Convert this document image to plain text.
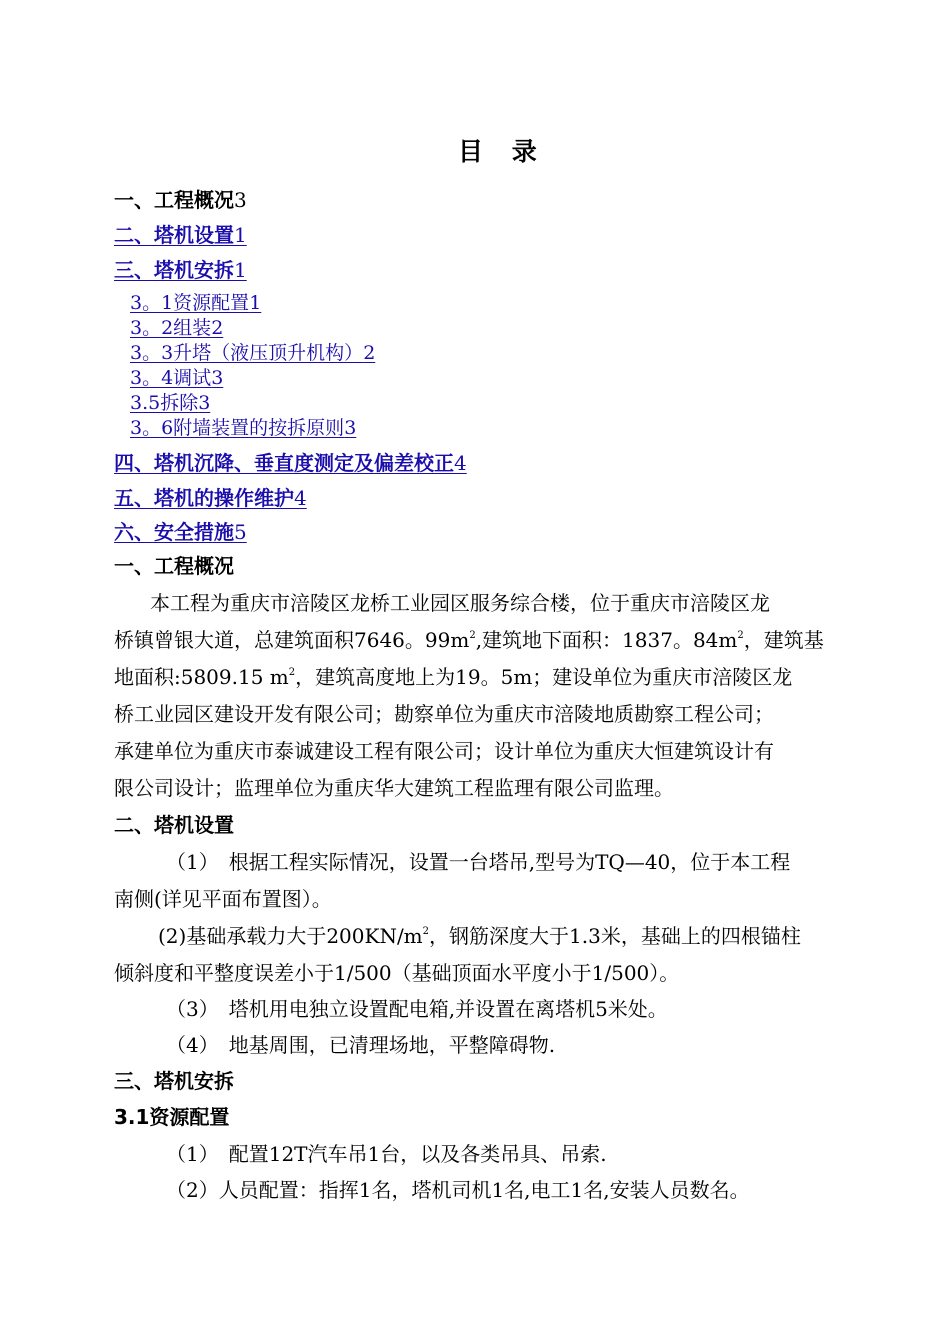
目 录
一、工程概况3
二、塔机设置1
三、塔机安拆1
3。1资源配置1
3。2组装2
3。3升塔（液压顶升机构）2
3。4调试3
3.5拆除3
3。6附墙装置的按拆原则3
四、塔机沉降、垂直度测定及偏差校正4
五、塔机的操作维护4
六、安全措施5
一、工程概况
本工程为重庆市涪陵区龙桥工业园区服务综合楼，位于重庆市涪陵区龙
桥镇曾银大道，总建筑面积7646。$99m^2$,建筑地下面积：1837。$84m^2$，建筑基
地面积:5809.15 $m^2$，建筑高度地上为19。5m；建设单位为重庆市涪陵区龙
桥工业园区建设开发有限公司；勘察单位为重庆市涪陵地质勘察工程公司；
承建单位为重庆市泰诚建设工程有限公司；设计单位为重庆大恒建筑设计有
限公司设计；监理单位为重庆华大建筑工程监理有限公司监理。
二、塔机设置
（1）　根据工程实际情况，设置一台塔吊,型号为TQ—40，位于本工程
南侧(详见平面布置图）。
(2)基础承载力大于$200KN/m^2$，钢筋深度大于1.3米，基础上的四根锚柱
倾斜度和平整度误差小于1/500（基础顶面水平度小于1/500）。
（3）　塔机用电独立设置配电箱,并设置在离塔机5米处。
（4）　地基周围，已清理场地，平整障碍物.
三、塔机安拆
3.1资源配置
（1）　配置12T汽车吊1台，以及各类吊具、吊索.
（2）人员配置：指挥1名，塔机司机1名,电工1名,安装人员数名。
